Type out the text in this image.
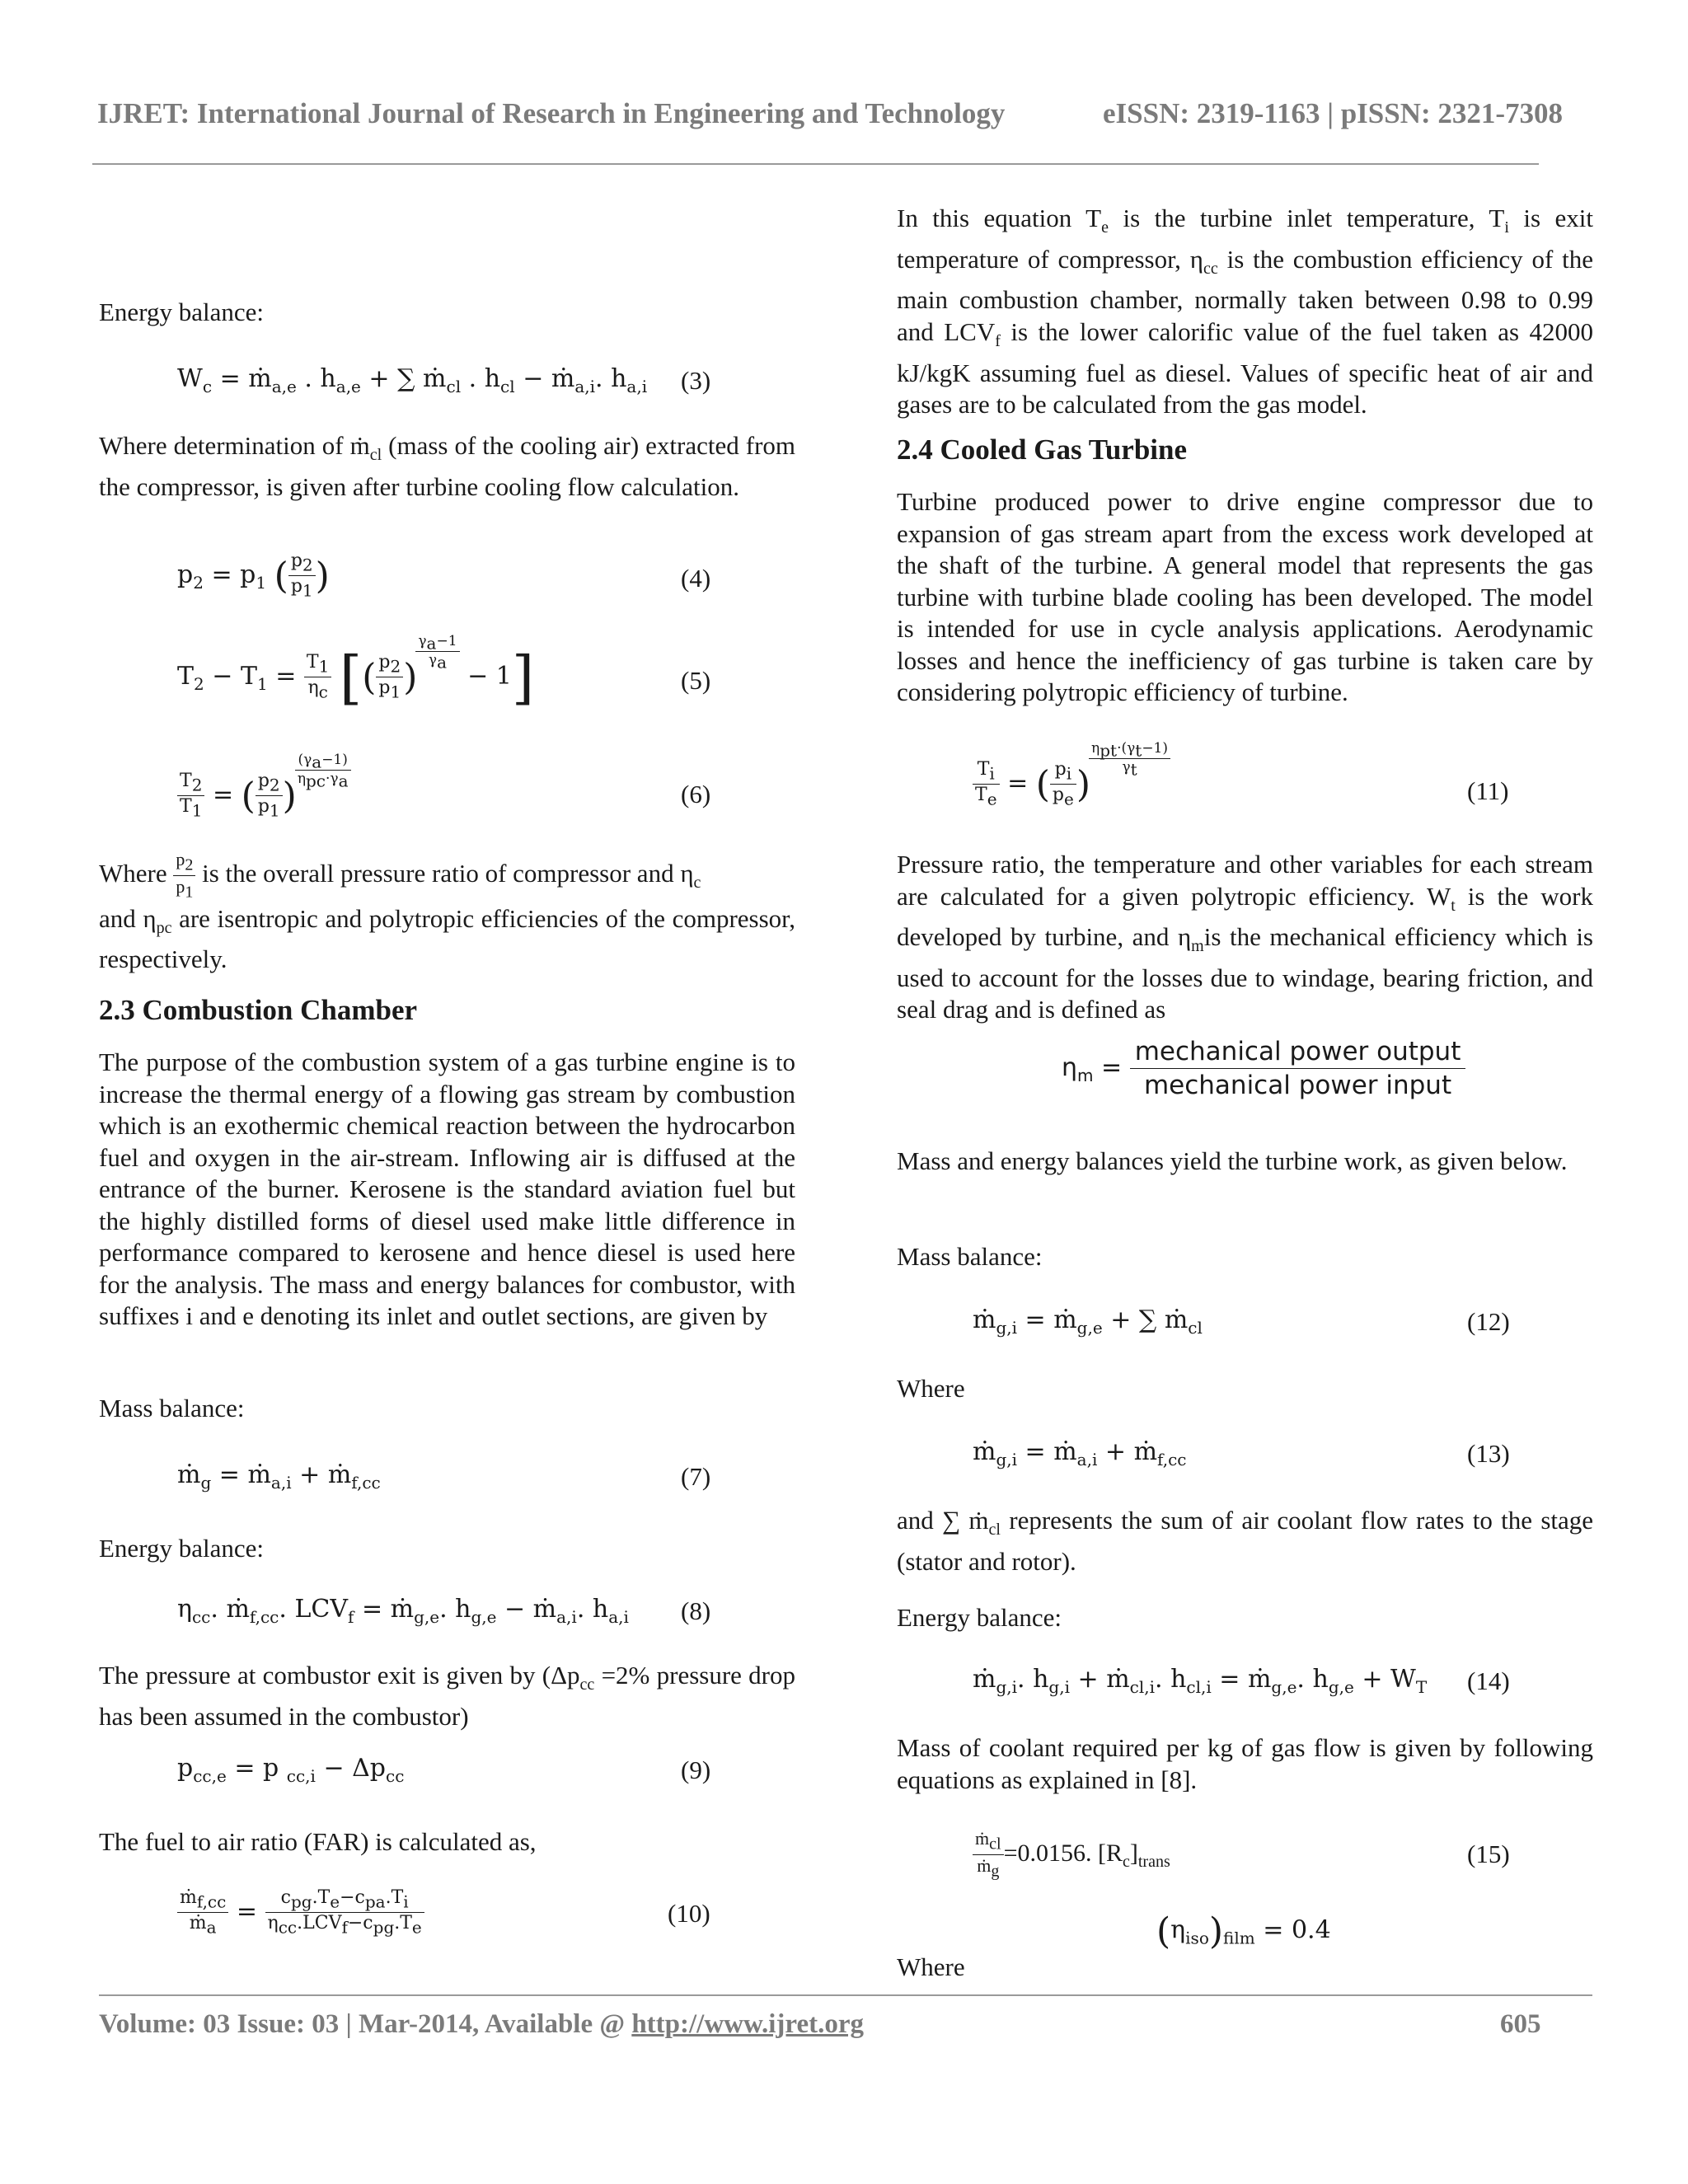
IJRET: International Journal of Research in Engineering and Technology	eISSN: 2319-1163 | pISSN: 2321-7308

Energy balance:

$W_c$ = ṁ$_{a,e}$ . $h_{a,e}$ + ∑ ṁ$_{cl}$ . $h_{cl}$ − ṁ$_{a,i}$. $h_{a,i}$ (3)

Where determination of ṁ$_{cl}$ (mass of the cooling air) extracted from the compressor, is given after turbine cooling flow calculation.

$p_2 = p_1$ ( $\frac{p_2}{p_1}$ )	(4)
$T_2 - T_1 = \frac{T_1}{\eta_c}$ [( $\frac{p_2}{p_1}$ )
$\frac{\gamma_a-1}{\gamma_a}$
− 1]	(5)
$\frac{T_2}{T_1}$ = ( $\frac{p_2}{p_1}$ )
$\frac{(\gamma_a-1)}{\eta_{pc}\cdot\gamma_a}$
(6)

Where $\frac{p_2}{p_1}$ is the overall pressure ratio of compressor and $\eta_c$
and $\eta_{pc}$ are isentropic and polytropic efficiencies of the compressor, respectively.

2.3 Combustion Chamber

The purpose of the combustion system of a gas turbine engine is to increase the thermal energy of a flowing gas stream by combustion which is an exothermic chemical reaction between the hydrocarbon fuel and oxygen in the air-stream. Inflowing air is diffused at the entrance of the burner. Kerosene is the standard aviation fuel but the highly distilled forms of diesel used make little difference in performance compared to kerosene and hence diesel is used here for the analysis. The mass and energy balances for combustor, with suffixes i and e denoting its inlet and outlet sections, are given by

Mass balance:

ṁ$_g$ = ṁ$_{a,i}$ + ṁ$_{f,cc}$	(7)

Energy balance:

$\eta_{cc}$. ṁ$_{f,cc}$. $LCV_f$ = ṁ$_{g,e}$. $h_{g,e}$ − ṁ$_{a,i}$. $h_{a,i}$ (8)

The pressure at combustor exit is given by ($\Delta p_{cc} =2\%$ pressure drop has been assumed in the combustor)

$p_{cc,e} = p$ $_{cc,i} - \Delta p_{cc}$	(9)

The fuel to air ratio (FAR) is calculated as,

$\frac{ṁ_{f,cc}}{ṁ_a} = \frac{c_{pg}.T_e-c_{pa}.T_i}{\eta_{cc}.LCV_f-c_{pg}.T_e}$	(10)

In this equation $T_e$ is the turbine inlet temperature, $T_i$ is exit temperature of compressor, $\eta_{cc}$ is the combustion efficiency of the main combustion chamber, normally taken between 0.98 to 0.99 and $LCV_f$ is the lower calorific value of the fuel taken as 42000 kJ/kgK assuming fuel as diesel. Values of specific heat of air and gases are to be calculated from the gas model.

2.4 Cooled Gas Turbine

Turbine produced power to drive engine compressor due to expansion of gas stream apart from the excess work developed at the shaft of the turbine. A general model that represents the gas turbine with turbine blade cooling has been developed. The model is intended for use in cycle analysis applications. Aerodynamic losses and hence the inefficiency of gas turbine is taken care by considering polytropic efficiency of turbine.

$\frac{T_i}{T_e}$ = ( $\frac{p_i}{p_e}$ )
$\frac{\eta_{pt}\cdot(\gamma_t-1)}{\gamma_t}$
(11)

Pressure ratio, the temperature and other variables for each stream are calculated for a given polytropic efficiency. $W_t$ is the work developed by turbine, and $\eta_mis$ the mechanical efficiency which is used to account for the losses due to windage, bearing friction, and seal drag and is defined as

$\eta_m = \frac{\text{mechanical power output}}{\text{mechanical power input}}$

Mass and energy balances yield the turbine work, as given below.

Mass balance:

ṁ$_{g,i}$ = ṁ$_{g,e}$ + ∑ ṁ$_{cl}$	(12)

Where

ṁ$_{g,i}$ = ṁ$_{a,i}$ + ṁ$_{f,cc}$	(13)

and ∑ ṁ$_{cl}$ represents the sum of air coolant flow rates to the stage (stator and rotor).

Energy balance:

ṁ$_{g,i}$. $h_{g,i}$ + ṁ$_{cl,i}$. $h_{cl,i}$ = ṁ$_{g,e}$. $h_{g,e} + W_T$ (14)

Mass of coolant required per kg of gas flow is given by following equations as explained in [8].

$\frac{ṁ_{cl}}{ṁ_g} =0.0156$. $[R_c]_{trans}$	(15)
$(\eta_{iso})_{film} = 0.4$

Where

Volume: 03 Issue: 03 | Mar-2014, Available @ http://www.ijret.org	605
